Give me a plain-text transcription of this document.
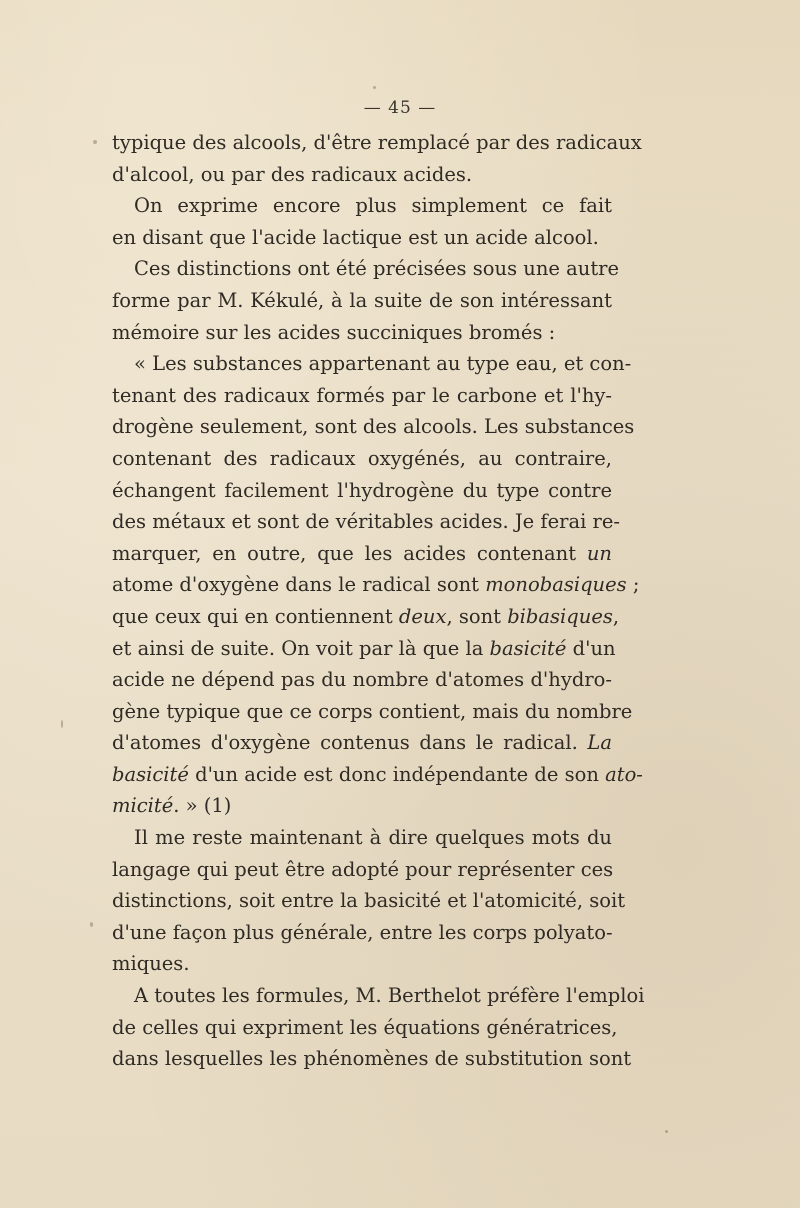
— 45 —
typique des alcools, d'être remplacé par des radicaux
d'alcool, ou par des radicaux acides.
On exprime encore plus simplement ce fait
en disant que l'acide lactique est un acide alcool.
Ces distinctions ont été précisées sous une autre
forme par M. Kékulé, à la suite de son intéressant
mémoire sur les acides succiniques bromés :
« Les substances appartenant au type eau, et con-
tenant des radicaux formés par le carbone et l'hy-
drogène seulement, sont des alcools. Les substances
contenant des radicaux oxygénés, au contraire,
échangent facilement l'hydrogène du type contre
des métaux et sont de véritables acides. Je ferai re-
marquer, en outre, que les acides contenant un
atome d'oxygène dans le radical sont monobasiques ;
que ceux qui en contiennent deux, sont bibasiques,
et ainsi de suite. On voit par là que la basicité d'un
acide ne dépend pas du nombre d'atomes d'hydro-
gène typique que ce corps contient, mais du nombre
d'atomes d'oxygène contenus dans le radical. La
basicité d'un acide est donc indépendante de son ato-
micité. » (1)
Il me reste maintenant à dire quelques mots du
langage qui peut être adopté pour représenter ces
distinctions, soit entre la basicité et l'atomicité, soit
d'une façon plus générale, entre les corps polyato-
miques.
A toutes les formules, M. Berthelot préfère l'emploi
de celles qui expriment les équations génératrices,
dans lesquelles les phénomènes de substitution sont
